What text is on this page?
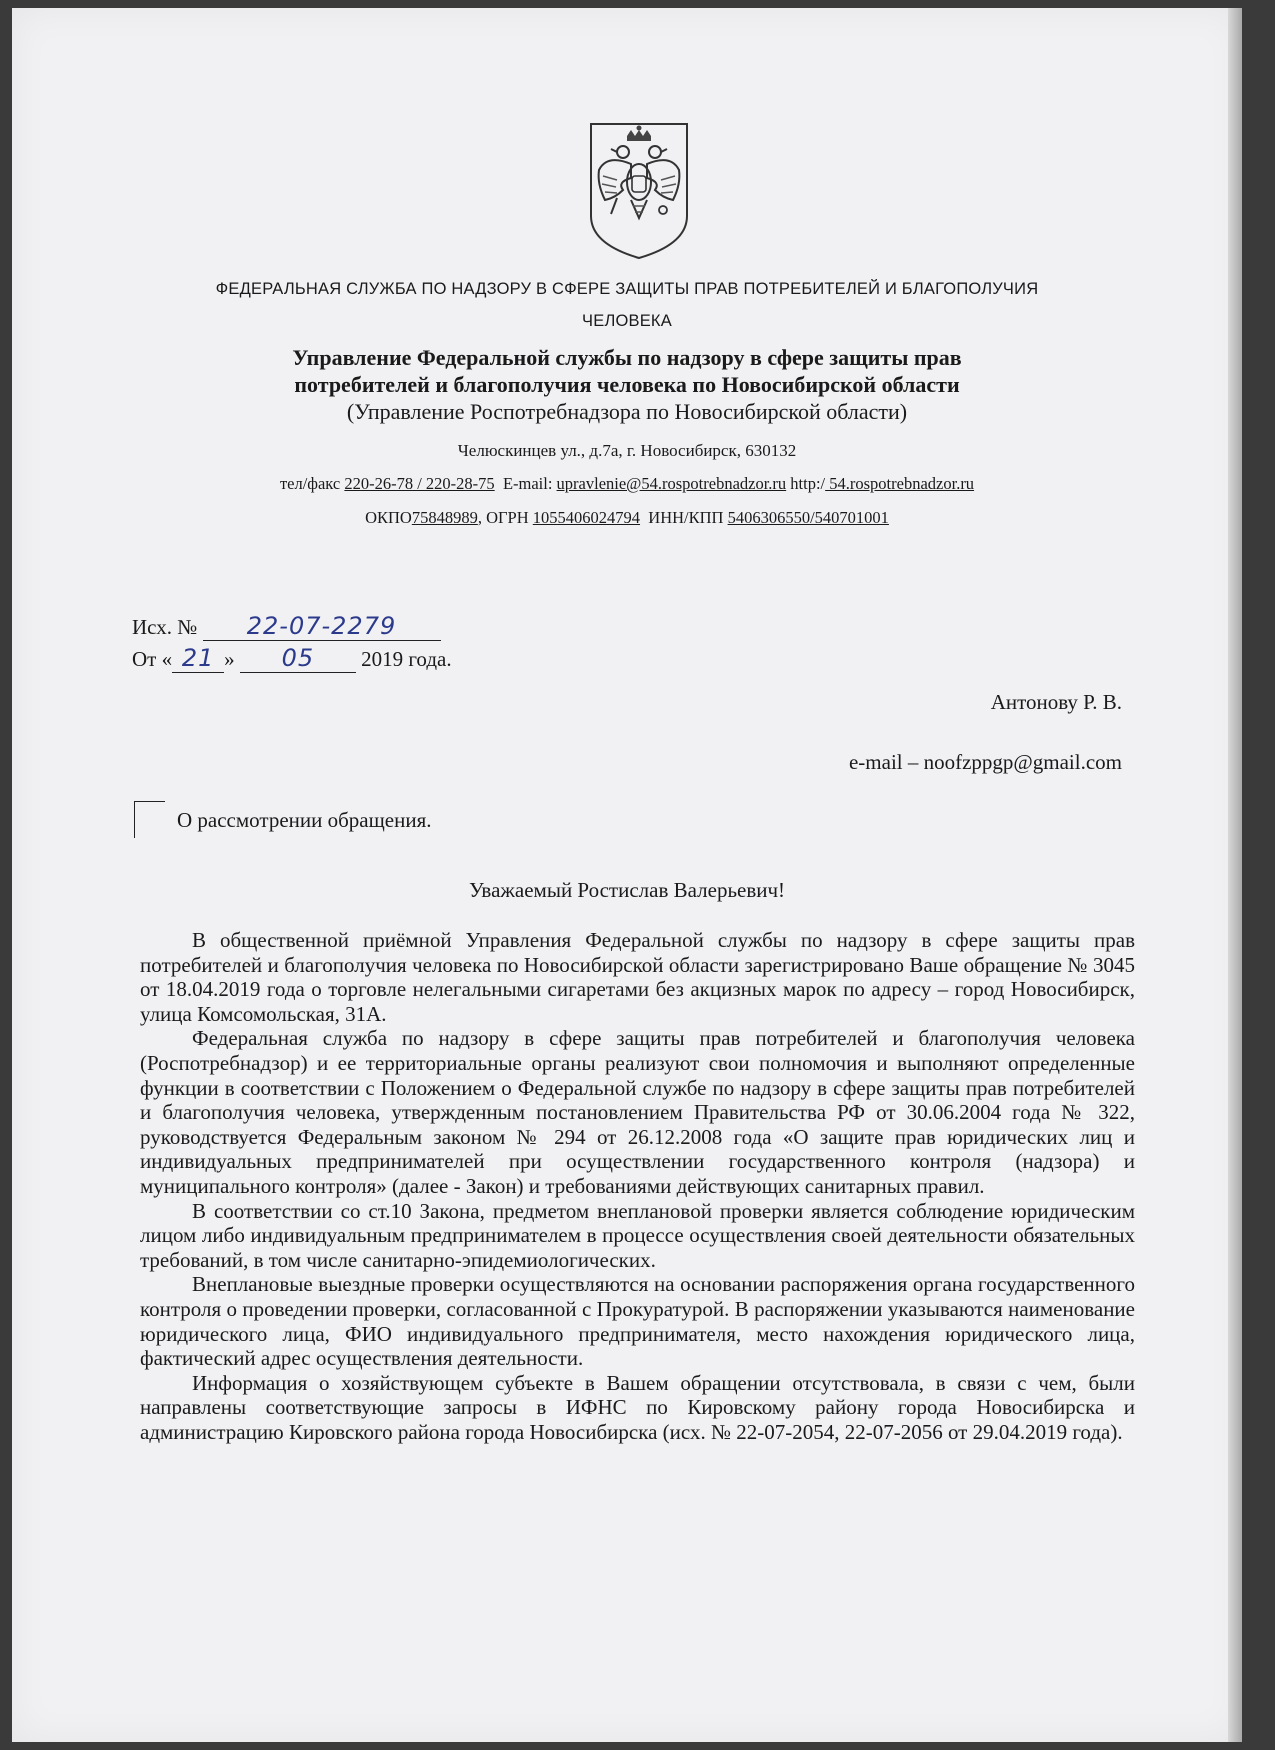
ФЕДЕРАЛЬНАЯ СЛУЖБА ПО НАДЗОРУ В СФЕРЕ ЗАЩИТЫ ПРАВ ПОТРЕБИТЕЛЕЙ И БЛАГОПОЛУЧИЯ
ЧЕЛОВЕКА
Управление Федеральной службы по надзору в сфере защиты прав
потребителей и благополучия человека по Новосибирской области
(Управление Роспотребнадзора по Новосибирской области)
Челюскинцев ул., д.7а, г. Новосибирск, 630132
тел/факс 220-26-78 / 220-28-75 E-mail: upravlenie@54.rospotrebnadzor.ru http:/ 54.rospotrebnadzor.ru
ОКПО75848989, ОГРН 1055406024794 ИНН/КПП 5406306550/540701001
Исх. № 22-07-2279
От « 21 » 05 2019 года.
Антонову Р. В.
e-mail – noofzppgp@gmail.com
О рассмотрении обращения.
Уважаемый Ростислав Валерьевич!

В общественной приёмной Управления Федеральной службы по надзору в сфере защиты прав потребителей и благополучия человека по Новосибирской области зарегистрировано Ваше обращение № 3045 от 18.04.2019 года о торговле нелегальными сигаретами без акцизных марок по адресу – город Новосибирск, улица Комсомольская, 31А.

Федеральная служба по надзору в сфере защиты прав потребителей и благополучия человека (Роспотребнадзор) и ее территориальные органы реализуют свои полномочия и выполняют определенные функции в соответствии с Положением о Федеральной службе по надзору в сфере защиты прав потребителей и благополучия человека, утвержденным постановлением Правительства РФ от 30.06.2004 года № 322, руководствуется Федеральным законом № 294 от 26.12.2008 года «О защите прав юридических лиц и индивидуальных предпринимателей при осуществлении государственного контроля (надзора) и муниципального контроля» (далее - Закон) и требованиями действующих санитарных правил.

В соответствии со ст.10 Закона, предметом внеплановой проверки является соблюдение юридическим лицом либо индивидуальным предпринимателем в процессе осуществления своей деятельности обязательных требований, в том числе санитарно-эпидемиологических.

Внеплановые выездные проверки осуществляются на основании распоряжения органа государственного контроля о проведении проверки, согласованной с Прокуратурой. В распоряжении указываются наименование юридического лица, ФИО индивидуального предпринимателя, место нахождения юридического лица, фактический адрес осуществления деятельности.

Информация о хозяйствующем субъекте в Вашем обращении отсутствовала, в связи с чем, были направлены соответствующие запросы в ИФНС по Кировскому району города Новосибирска и администрацию Кировского района города Новосибирска (исх. № 22-07-2054, 22-07-2056 от 29.04.2019 года).
